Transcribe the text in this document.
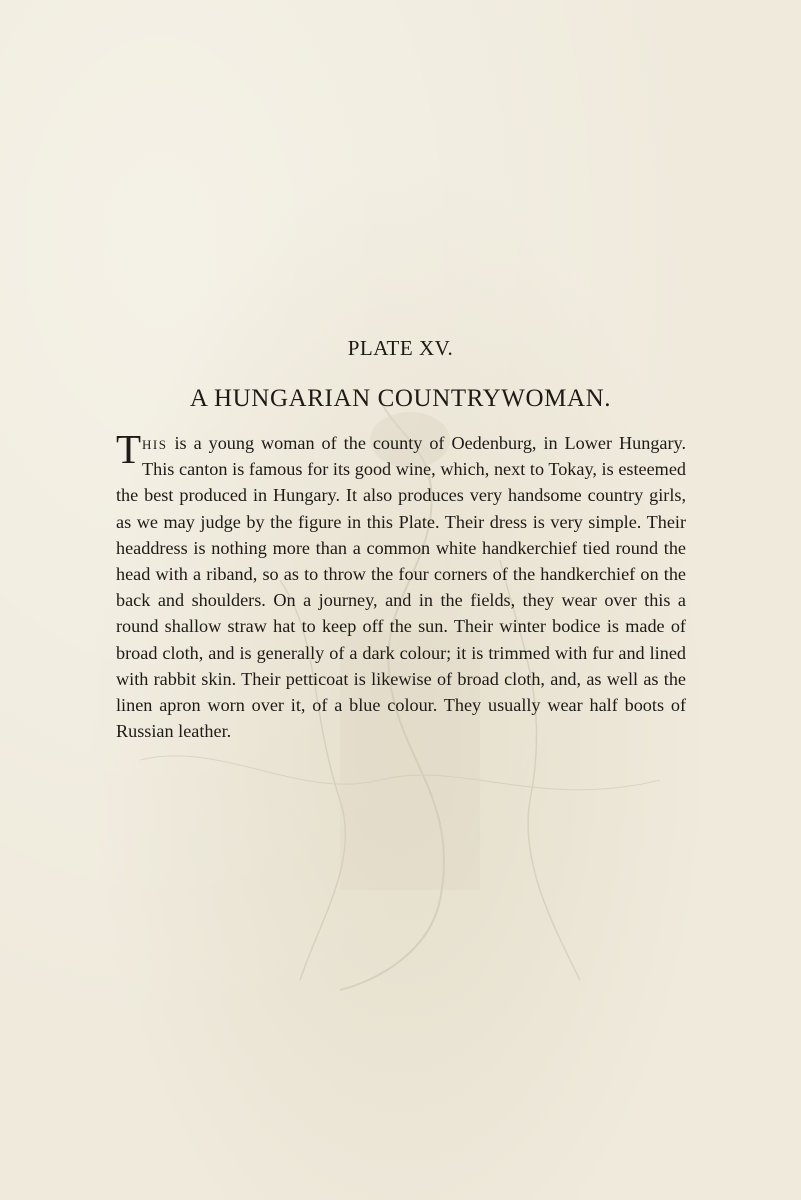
PLATE XV.
A HUNGARIAN COUNTRYWOMAN.
This is a young woman of the county of Oedenburg, in Lower Hungary. This canton is famous for its good wine, which, next to Tokay, is esteemed the best produced in Hungary. It also produces very handsome country girls, as we may judge by the figure in this Plate. Their dress is very simple. Their headdress is nothing more than a common white handkerchief tied round the head with a riband, so as to throw the four corners of the handkerchief on the back and shoulders. On a journey, and in the fields, they wear over this a round shallow straw hat to keep off the sun. Their winter bodice is made of broad cloth, and is generally of a dark colour; it is trimmed with fur and lined with rabbit skin. Their petticoat is likewise of broad cloth, and, as well as the linen apron worn over it, of a blue colour. They usually wear half boots of Russian leather.
